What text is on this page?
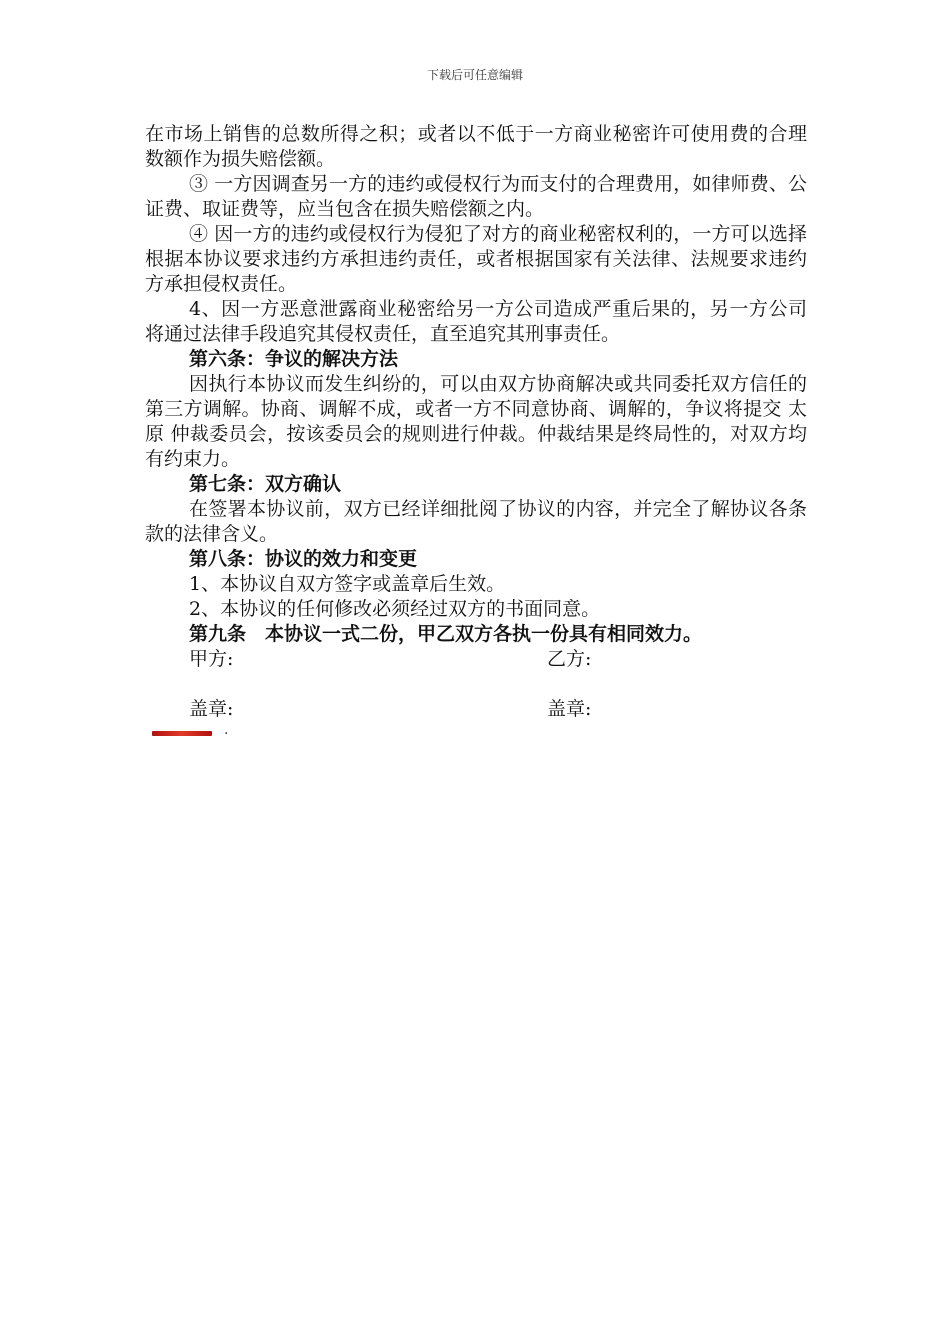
下载后可任意编辑

在市场上销售的总数所得之积；或者以不低于一方商业秘密许可使用费的合理数额作为损失赔偿额。

③ 一方因调查另一方的违约或侵权行为而支付的合理费用，如律师费、公证费、取证费等，应当包含在损失赔偿额之内。

④ 因一方的违约或侵权行为侵犯了对方的商业秘密权利的，一方可以选择根据本协议要求违约方承担违约责任，或者根据国家有关法律、法规要求违约方承担侵权责任。

4、因一方恶意泄露商业秘密给另一方公司造成严重后果的，另一方公司将通过法律手段追究其侵权责任，直至追究其刑事责任。

第六条：争议的解决方法

因执行本协议而发生纠纷的，可以由双方协商解决或共同委托双方信任的第三方调解。协商、调解不成，或者一方不同意协商、调解的，争议将提交 太原 仲裁委员会，按该委员会的规则进行仲裁。仲裁结果是终局性的，对双方均有约束力。

第七条：双方确认

在签署本协议前，双方已经详细批阅了协议的内容，并完全了解协议各条款的法律含义。

第八条：协议的效力和变更

1、本协议自双方签字或盖章后生效。

2、本协议的任何修改必须经过双方的书面同意。

第九条　本协议一式二份，甲乙双方各执一份具有相同效力。

甲方:	乙方:
盖章:	盖章:
.
